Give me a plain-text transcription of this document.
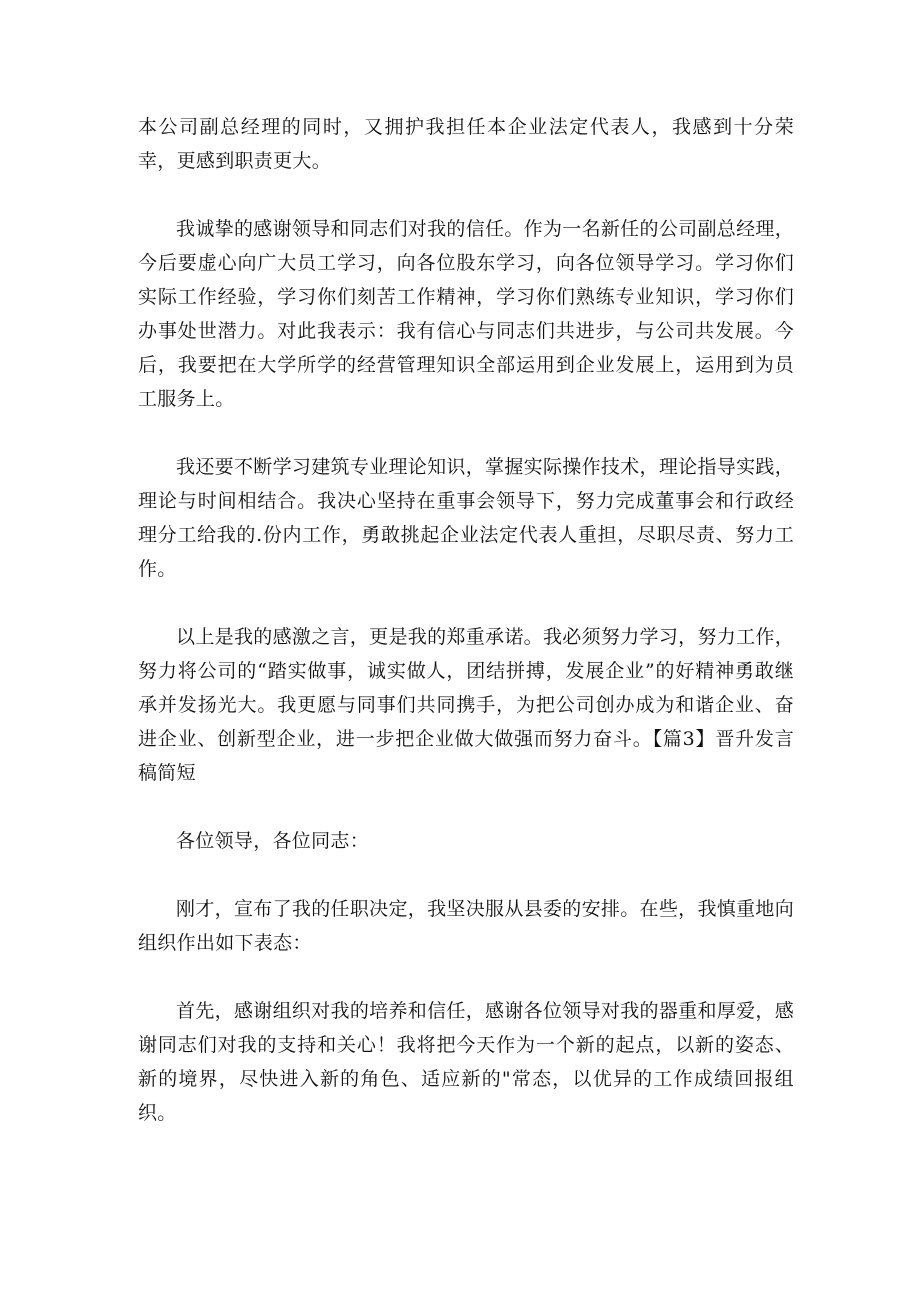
本公司副总经理的同时，又拥护我担任本企业法定代表人，我感到十分荣幸，更感到职责更大。

我诚挚的感谢领导和同志们对我的信任。作为一名新任的公司副总经理，今后要虚心向广大员工学习，向各位股东学习，向各位领导学习。学习你们实际工作经验，学习你们刻苦工作精神，学习你们熟练专业知识，学习你们办事处世潜力。对此我表示：我有信心与同志们共进步，与公司共发展。今后，我要把在大学所学的经营管理知识全部运用到企业发展上，运用到为员工服务上。

我还要不断学习建筑专业理论知识，掌握实际操作技术，理论指导实践，理论与时间相结合。我决心坚持在重事会领导下，努力完成董事会和行政经理分工给我的.份内工作，勇敢挑起企业法定代表人重担，尽职尽责、努力工作。

以上是我的感激之言，更是我的郑重承诺。我必须努力学习，努力工作，努力将公司的“踏实做事，诚实做人，团结拼搏，发展企业”的好精神勇敢继承并发扬光大。我更愿与同事们共同携手，为把公司创办成为和谐企业、奋进企业、创新型企业，进一步把企业做大做强而努力奋斗。【篇3】晋升发言稿简短

各位领导，各位同志：

刚才，宣布了我的任职决定，我坚决服从县委的安排。在些，我慎重地向组织作出如下表态：

首先，感谢组织对我的培养和信任，感谢各位领导对我的器重和厚爱，感谢同志们对我的支持和关心！我将把今天作为一个新的起点，以新的姿态、新的境界，尽快进入新的角色、适应新的"常态，以优异的工作成绩回报组织。
